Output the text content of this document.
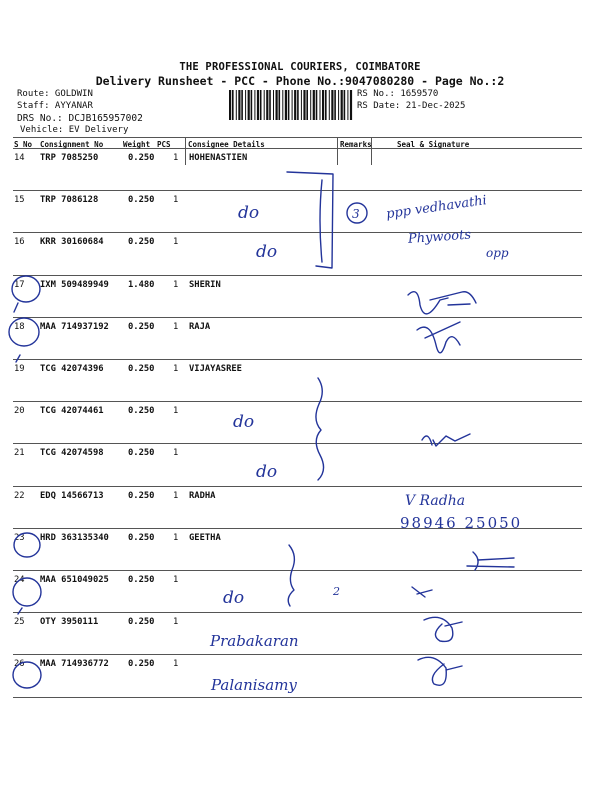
THE PROFESSIONAL COURIERS, COIMBATORE
Delivery Runsheet - PCC - Phone No.:9047080280 - Page No.:2
Route: GOLDWIN
Staff: AYYANAR
DRS No.: DCJB165957002
Vehicle: EV Delivery
RS No.: 1659570
RS Date: 21-Dec-2025
S No Consignment No	Weight PCS Consignee Details	Remarks	Seal & Signature
14 TRP 7085250	0.250 1 HOHENASTIEN
15 TRP 7086128	0.250 1
16 KRR 30160684	0.250 1
17 IXM 509489949 1.480 1 SHERIN
18 MAA 714937192 0.250 1 RAJA
19 TCG 42074396	0.250 1 VIJAYASREE
20 TCG 42074461	0.250 1
21 TCG 42074598	0.250 1
22 EDQ 14566713	0.250 1 RADHA
23 HRD 363135340 0.250 1 GEETHA
24 MAA 651049025 0.250 1
25 OTY 3950111	0.250 1
26 MAA 714936772 0.250 1
do
do
3 ppp vedhavathi
Phywoots
opp
do
do
V Radha
98946 25050
do	2
Prabakaran
Palanisamy
